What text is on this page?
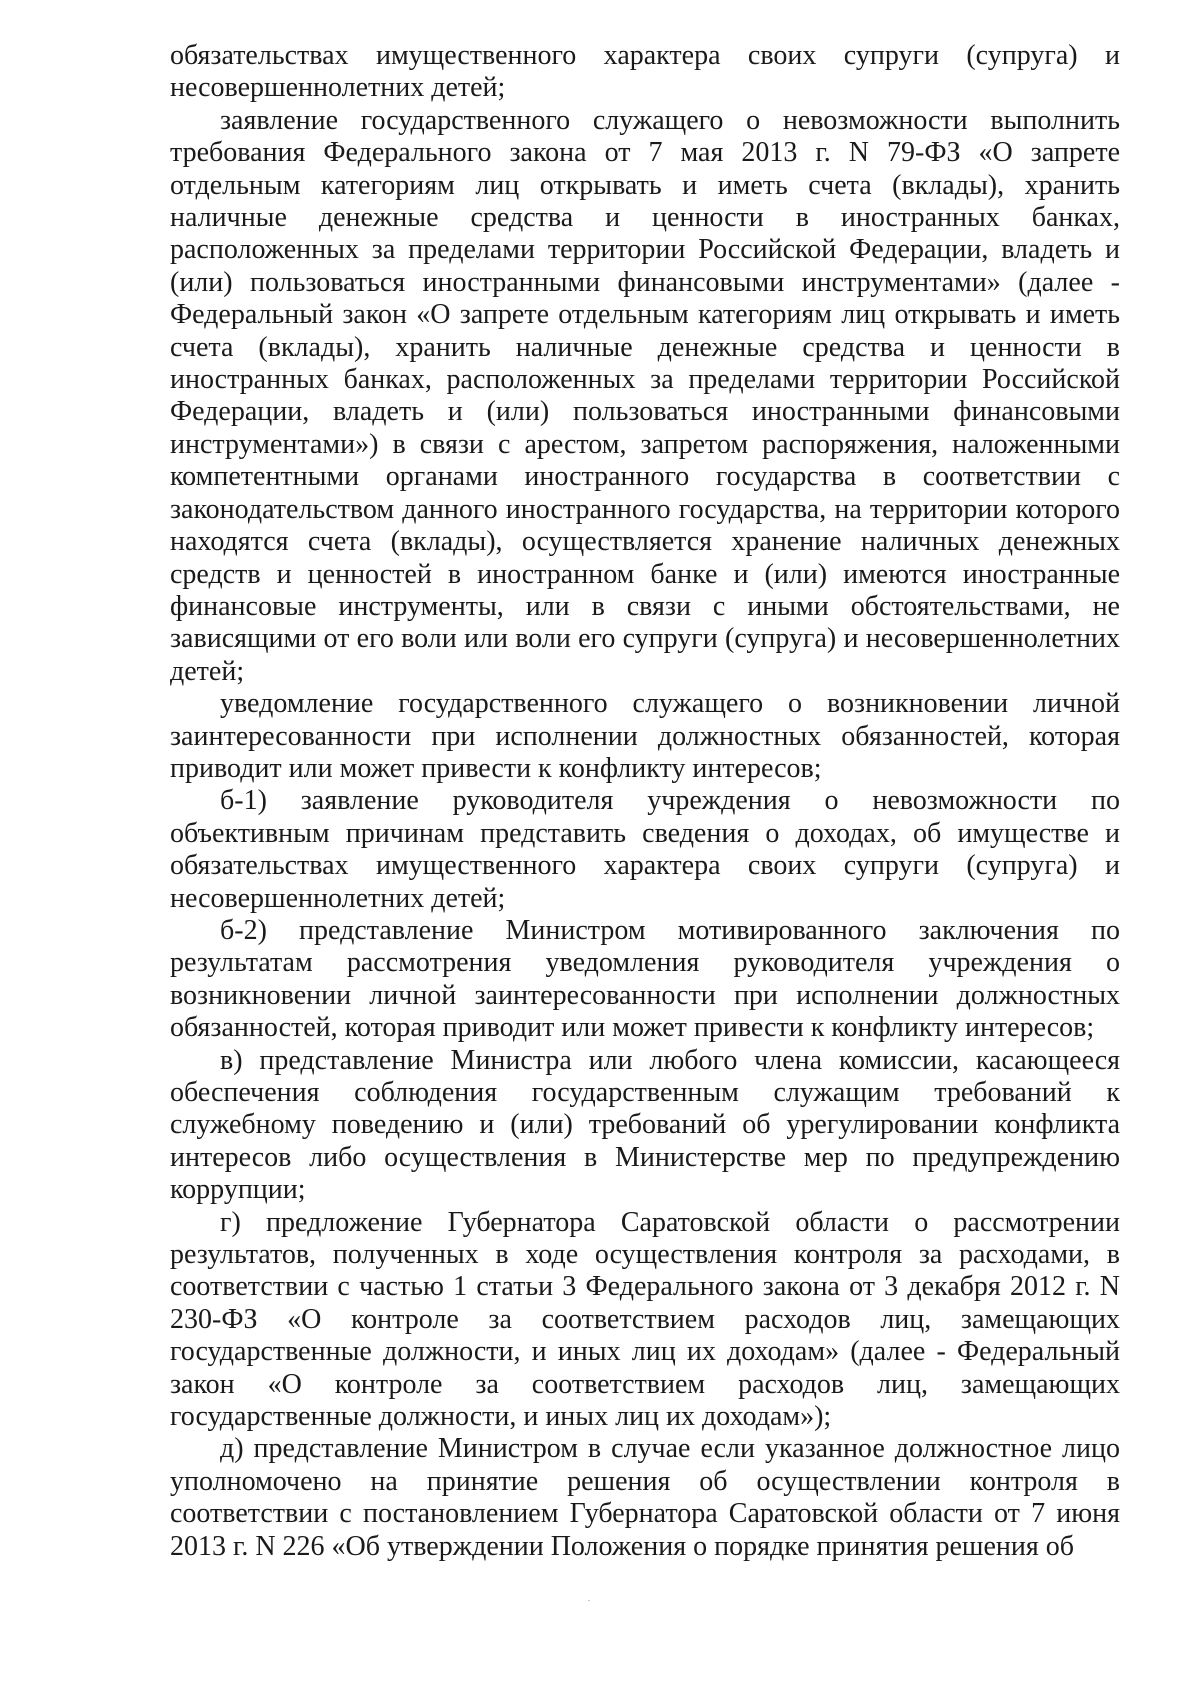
обязательствах имущественного характера своих супруги (супруга) и несовершеннолетних детей;

заявление государственного служащего о невозможности выполнить требования Федерального закона от 7 мая 2013 г. N 79-ФЗ «О запрете отдельным категориям лиц открывать и иметь счета (вклады), хранить наличные денежные средства и ценности в иностранных банках, расположенных за пределами территории Российской Федерации, владеть и (или) пользоваться иностранными финансовыми инструментами» (далее - Федеральный закон «О запрете отдельным категориям лиц открывать и иметь счета (вклады), хранить наличные денежные средства и ценности в иностранных банках, расположенных за пределами территории Российской Федерации, владеть и (или) пользоваться иностранными финансовыми инструментами») в связи с арестом, запретом распоряжения, наложенными компетентными органами иностранного государства в соответствии с законодательством данного иностранного государства, на территории которого находятся счета (вклады), осуществляется хранение наличных денежных средств и ценностей в иностранном банке и (или) имеются иностранные финансовые инструменты, или в связи с иными обстоятельствами, не зависящими от его воли или воли его супруги (супруга) и несовершеннолетних детей;

уведомление государственного служащего о возникновении личной заинтересованности при исполнении должностных обязанностей, которая приводит или может привести к конфликту интересов;

б-1) заявление руководителя учреждения о невозможности по объективным причинам представить сведения о доходах, об имуществе и обязательствах имущественного характера своих супруги (супруга) и несовершеннолетних детей;

б-2) представление Министром мотивированного заключения по результатам рассмотрения уведомления руководителя учреждения о возникновении личной заинтересованности при исполнении должностных обязанностей, которая приводит или может привести к конфликту интересов;

в) представление Министра или любого члена комиссии, касающееся обеспечения соблюдения государственным служащим требований к служебному поведению и (или) требований об урегулировании конфликта интересов либо осуществления в Министерстве мер по предупреждению коррупции;

г) предложение Губернатора Саратовской области о рассмотрении результатов, полученных в ходе осуществления контроля за расходами, в соответствии с частью 1 статьи 3 Федерального закона от 3 декабря 2012 г. N 230-ФЗ «О контроле за соответствием расходов лиц, замещающих государственные должности, и иных лиц их доходам» (далее - Федеральный закон «О контроле за соответствием расходов лиц, замещающих государственные должности, и иных лиц их доходам»);

д) представление Министром в случае если указанное должностное лицо уполномочено на принятие решения об осуществлении контроля в соответствии с постановлением Губернатора Саратовской области от 7 июня 2013 г. N 226 «Об утверждении Положения о порядке принятия решения об
